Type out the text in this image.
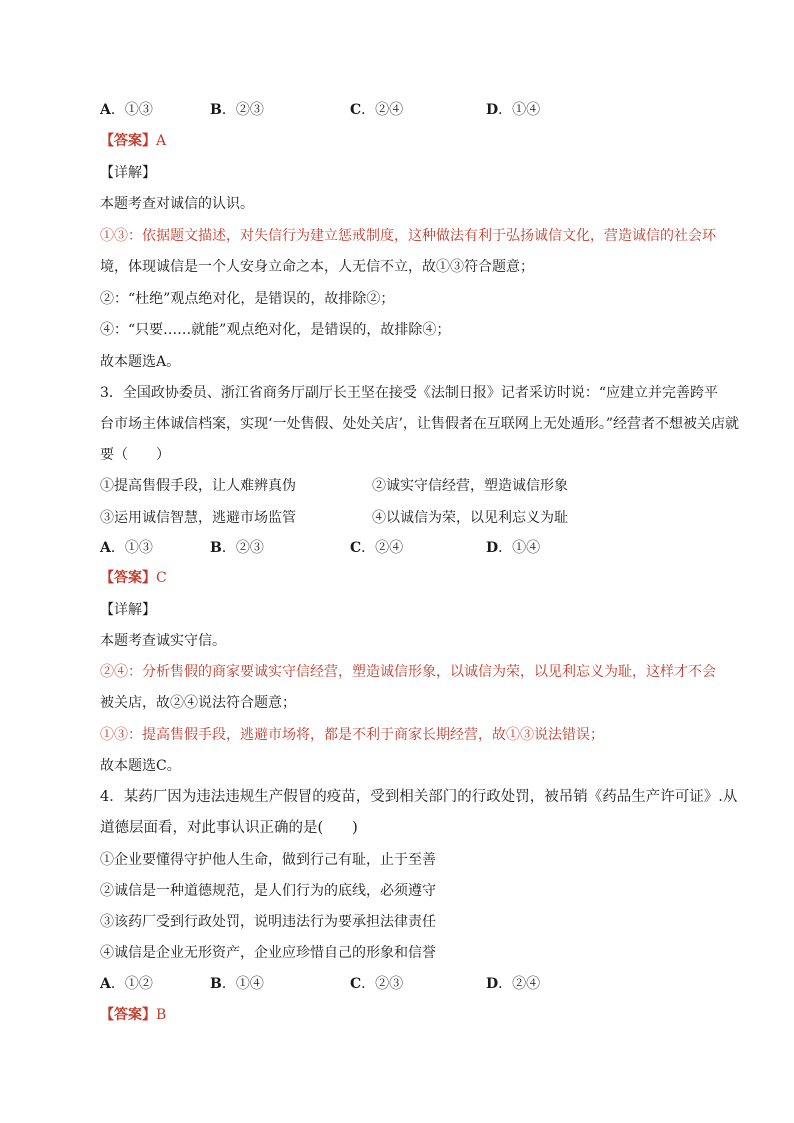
A．①③	B．②③	C．②④	D．①④
【答案】A
【详解】
本题考查对诚信的认识。
①③：依据题文描述，对失信行为建立惩戒制度，这种做法有利于弘扬诚信文化，营造诚信的社会环
境，体现诚信是一个人安身立命之本，人无信不立，故①③符合题意；
②：“杜绝”观点绝对化，是错误的，故排除②；
④：“只要……就能”观点绝对化，是错误的，故排除④；
故本题选A。
3．全国政协委员、浙江省商务厅副厅长王坚在接受《法制日报》记者采访时说：“应建立并完善跨平
台市场主体诚信档案，实现‘一处售假、处处关店’，让售假者在互联网上无处遁形。”经营者不想被关店就
要（　　）
①提高售假手段，让人难辨真伪	②诚实守信经营，塑造诚信形象
③运用诚信智慧，逃避市场监管	④以诚信为荣，以见利忘义为耻
A．①③	B．②③	C．②④	D．①④
【答案】C
【详解】
本题考查诚实守信。
②④：分析售假的商家要诚实守信经营，塑造诚信形象，以诚信为荣，以见利忘义为耻，这样才不会
被关店，故②④说法符合题意；
①③：提高售假手段，逃避市场将，都是不利于商家长期经营，故①③说法错误；
故本题选C。
4．某药厂因为违法违规生产假冒的疫苗，受到相关部门的行政处罚，被吊销《药品生产许可证》.从
道德层面看，对此事认识正确的是(　　)
①企业要懂得守护他人生命，做到行己有耻，止于至善
②诚信是一种道德规范，是人们行为的底线，必须遵守
③该药厂受到行政处罚，说明违法行为要承担法律责任
④诚信是企业无形资产，企业应珍惜自己的形象和信誉
A．①②	B．①④	C．②③	D．②④
【答案】B
